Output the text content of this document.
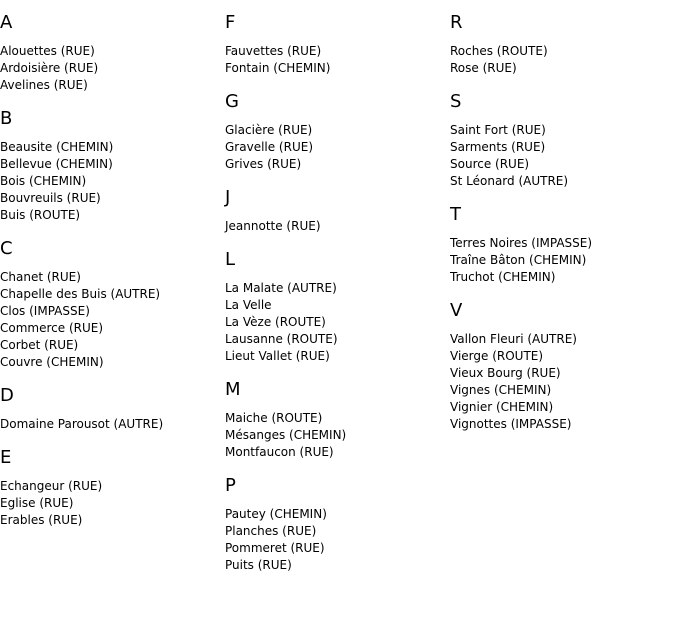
A
Alouettes (RUE)
Ardoisière (RUE)
Avelines (RUE)
B
Beausite (CHEMIN)
Bellevue (CHEMIN)
Bois (CHEMIN)
Bouvreuils (RUE)
Buis (ROUTE)
C
Chanet (RUE)
Chapelle des Buis (AUTRE)
Clos (IMPASSE)
Commerce (RUE)
Corbet (RUE)
Couvre (CHEMIN)
D
Domaine Parousot (AUTRE)
E
Echangeur (RUE)
Eglise (RUE)
Erables (RUE)
F
Fauvettes (RUE)
Fontain (CHEMIN)
G
Glacière (RUE)
Gravelle (RUE)
Grives (RUE)
J
Jeannotte (RUE)
L
La Malate (AUTRE)
La Velle
La Vèze (ROUTE)
Lausanne (ROUTE)
Lieut Vallet (RUE)
M
Maiche (ROUTE)
Mésanges (CHEMIN)
Montfaucon (RUE)
P
Pautey (CHEMIN)
Planches (RUE)
Pommeret (RUE)
Puits (RUE)
R
Roches (ROUTE)
Rose (RUE)
S
Saint Fort (RUE)
Sarments (RUE)
Source (RUE)
St Léonard (AUTRE)
T
Terres Noires (IMPASSE)
Traîne Bâton (CHEMIN)
Truchot (CHEMIN)
V
Vallon Fleuri (AUTRE)
Vierge (ROUTE)
Vieux Bourg (RUE)
Vignes (CHEMIN)
Vignier (CHEMIN)
Vignottes (IMPASSE)
